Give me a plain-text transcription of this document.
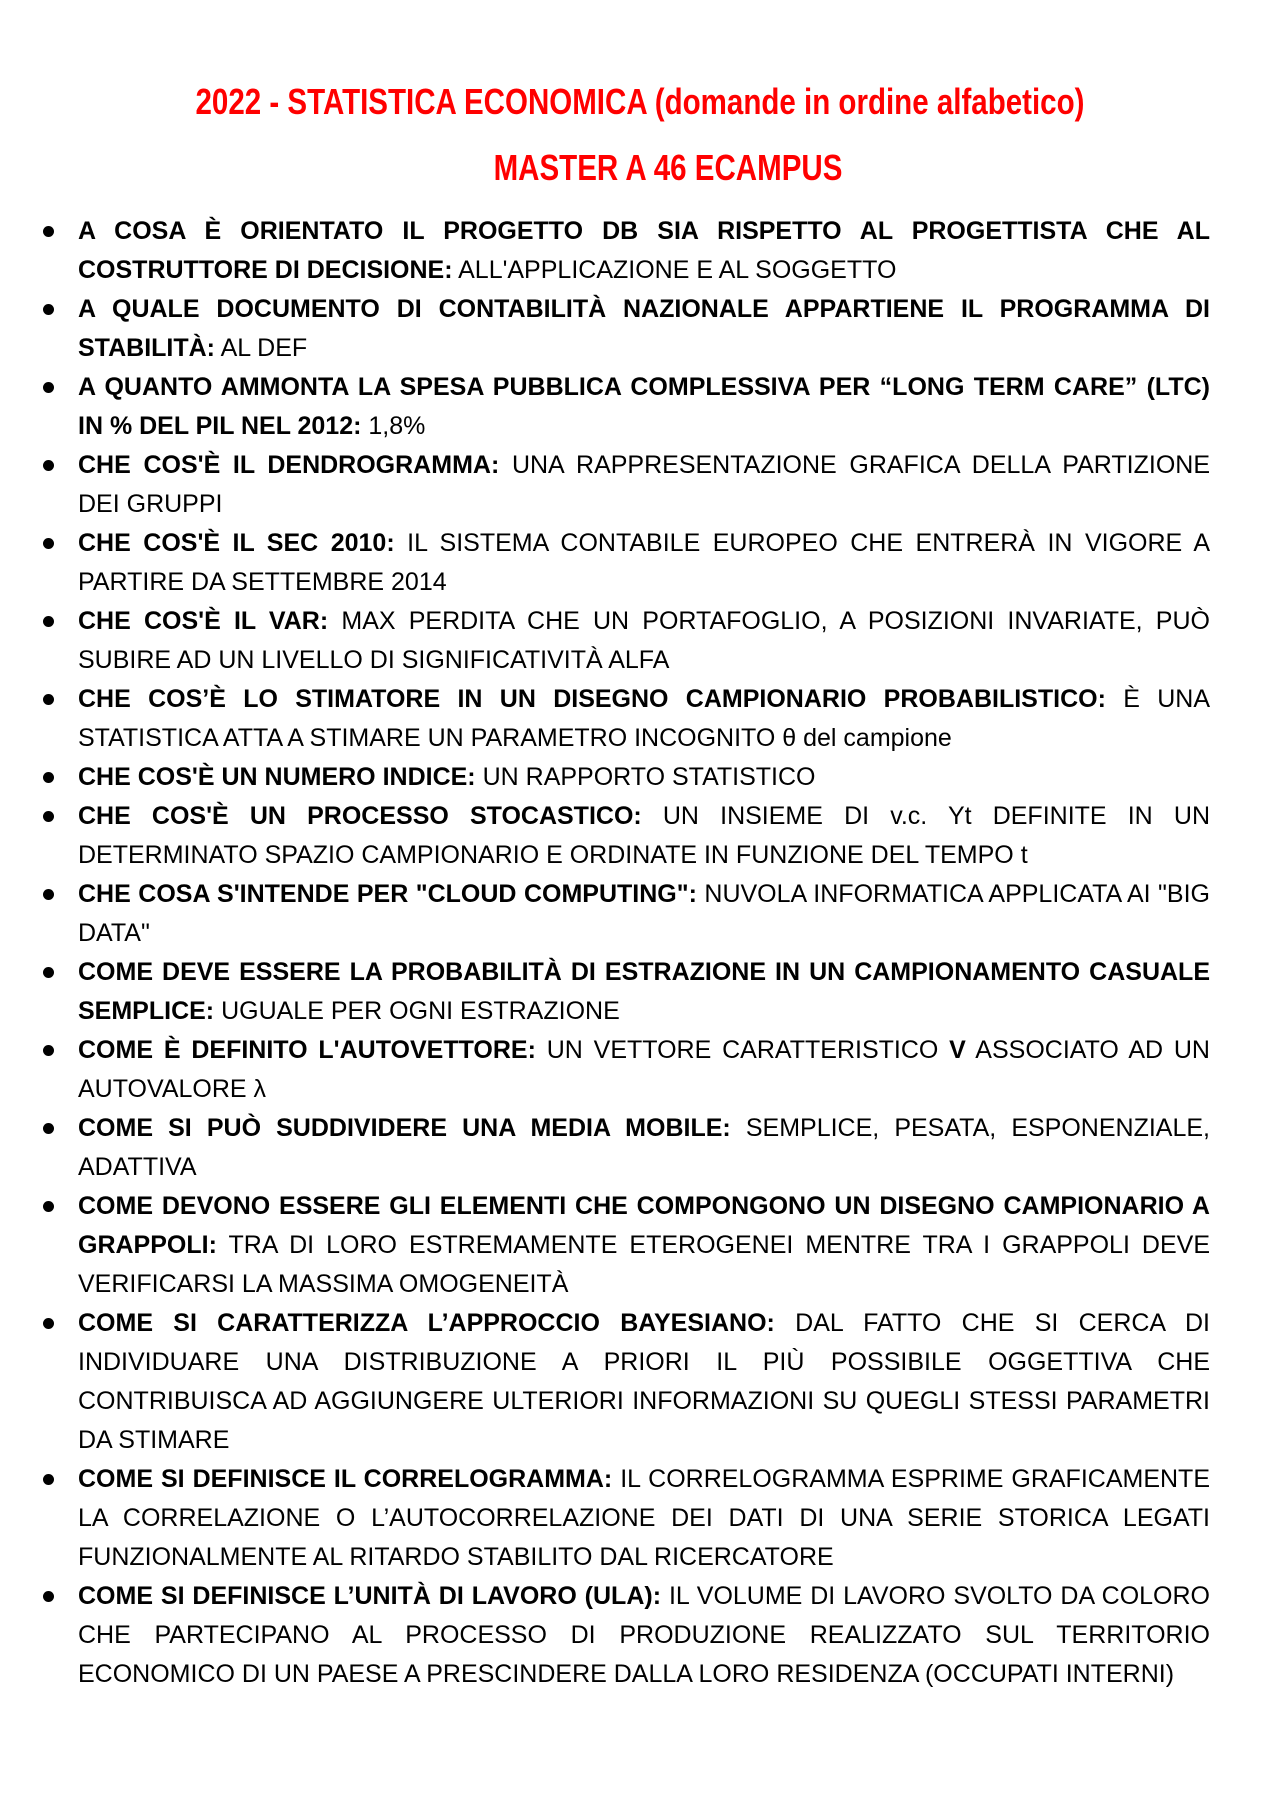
2022 - STATISTICA ECONOMICA (domande in ordine alfabetico)
MASTER A 46 ECAMPUS
A COSA È ORIENTATO IL PROGETTO DB SIA RISPETTO AL PROGETTISTA CHE AL COSTRUTTORE DI DECISIONE: ALL'APPLICAZIONE E AL SOGGETTO
A QUALE DOCUMENTO DI CONTABILITÀ NAZIONALE APPARTIENE IL PROGRAMMA DI STABILITÀ: AL DEF
A QUANTO AMMONTA LA SPESA PUBBLICA COMPLESSIVA PER “LONG TERM CARE” (LTC) IN % DEL PIL NEL 2012: 1,8%
CHE COS'È IL DENDROGRAMMA: UNA RAPPRESENTAZIONE GRAFICA DELLA PARTIZIONE DEI GRUPPI
CHE COS'È IL SEC 2010: IL SISTEMA CONTABILE EUROPEO CHE ENTRERÀ IN VIGORE A PARTIRE DA SETTEMBRE 2014
CHE COS'È IL VAR: MAX PERDITA CHE UN PORTAFOGLIO, A POSIZIONI INVARIATE, PUÒ SUBIRE AD UN LIVELLO DI SIGNIFICATIVITÀ ALFA
CHE COS’È LO STIMATORE IN UN DISEGNO CAMPIONARIO PROBABILISTICO: È UNA STATISTICA ATTA A STIMARE UN PARAMETRO INCOGNITO θ del campione
CHE COS'È UN NUMERO INDICE: UN RAPPORTO STATISTICO
CHE COS'È UN PROCESSO STOCASTICO: UN INSIEME DI v.c. Yt DEFINITE IN UN DETERMINATO SPAZIO CAMPIONARIO E ORDINATE IN FUNZIONE DEL TEMPO t
CHE COSA S'INTENDE PER "CLOUD COMPUTING": NUVOLA INFORMATICA APPLICATA AI "BIG DATA"
COME DEVE ESSERE LA PROBABILITÀ DI ESTRAZIONE IN UN CAMPIONAMENTO CASUALE SEMPLICE: UGUALE PER OGNI ESTRAZIONE
COME È DEFINITO L'AUTOVETTORE: UN VETTORE CARATTERISTICO V ASSOCIATO AD UN AUTOVALORE λ
COME SI PUÒ SUDDIVIDERE UNA MEDIA MOBILE: SEMPLICE, PESATA, ESPONENZIALE, ADATTIVA
COME DEVONO ESSERE GLI ELEMENTI CHE COMPONGONO UN DISEGNO CAMPIONARIO A GRAPPOLI: TRA DI LORO ESTREMAMENTE ETEROGENEI MENTRE TRA I GRAPPOLI DEVE VERIFICARSI LA MASSIMA OMOGENEITÀ
COME SI CARATTERIZZA L’APPROCCIO BAYESIANO: DAL FATTO CHE SI CERCA DI INDIVIDUARE UNA DISTRIBUZIONE A PRIORI IL PIÙ POSSIBILE OGGETTIVA CHE CONTRIBUISCA AD AGGIUNGERE ULTERIORI INFORMAZIONI SU QUEGLI STESSI PARAMETRI DA STIMARE
COME SI DEFINISCE IL CORRELOGRAMMA: IL CORRELOGRAMMA ESPRIME GRAFICAMENTE LA CORRELAZIONE O L’AUTOCORRELAZIONE DEI DATI DI UNA SERIE STORICA LEGATI FUNZIONALMENTE AL RITARDO STABILITO DAL RICERCATORE
COME SI DEFINISCE L’UNITÀ DI LAVORO (ULA): IL VOLUME DI LAVORO SVOLTO DA COLORO CHE PARTECIPANO AL PROCESSO DI PRODUZIONE REALIZZATO SUL TERRITORIO ECONOMICO DI UN PAESE A PRESCINDERE DALLA LORO RESIDENZA (OCCUPATI INTERNI)
